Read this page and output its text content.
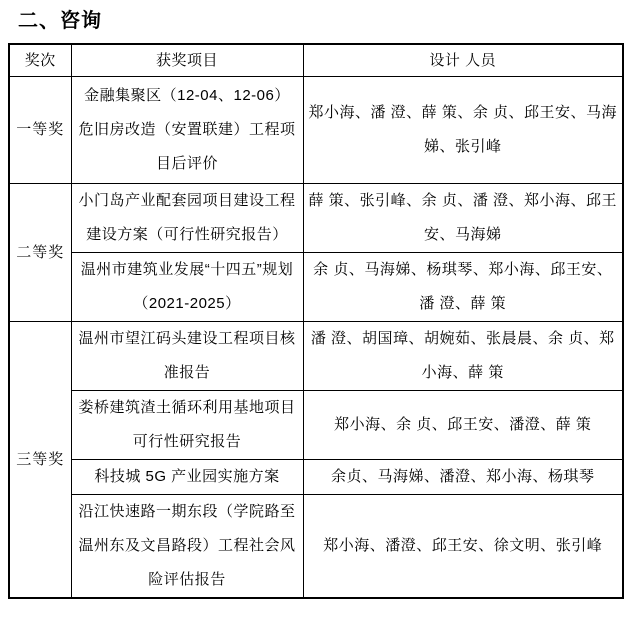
二、咨询
奖次	获奖项目	设计 人员
一等奖	金融集聚区（12-04、12-06）危旧房改造（安置联建）工程项目后评价	郑小海、潘 澄、薛 策、余 贞、邱王安、马海娣、张引峰
二等奖	小门岛产业配套园项目建设工程建设方案（可行性研究报告）	薛 策、张引峰、余 贞、潘 澄、郑小海、邱王安、马海娣
	温州市建筑业发展“十四五”规划（2021-2025）	余 贞、马海娣、杨琪琴、郑小海、邱王安、潘 澄、薛 策
三等奖	温州市望江码头建设工程项目核准报告	潘 澄、胡国璋、胡婉茹、张晨晨、余 贞、郑小海、薛 策
	娄桥建筑渣土循环利用基地项目可行性研究报告	郑小海、余 贞、邱王安、潘澄、薛 策
	科技城 5G 产业园实施方案	余贞、马海娣、潘澄、郑小海、杨琪琴
	沿江快速路一期东段（学院路至温州东及文昌路段）工程社会风险评估报告	郑小海、潘澄、邱王安、徐文明、张引峰
